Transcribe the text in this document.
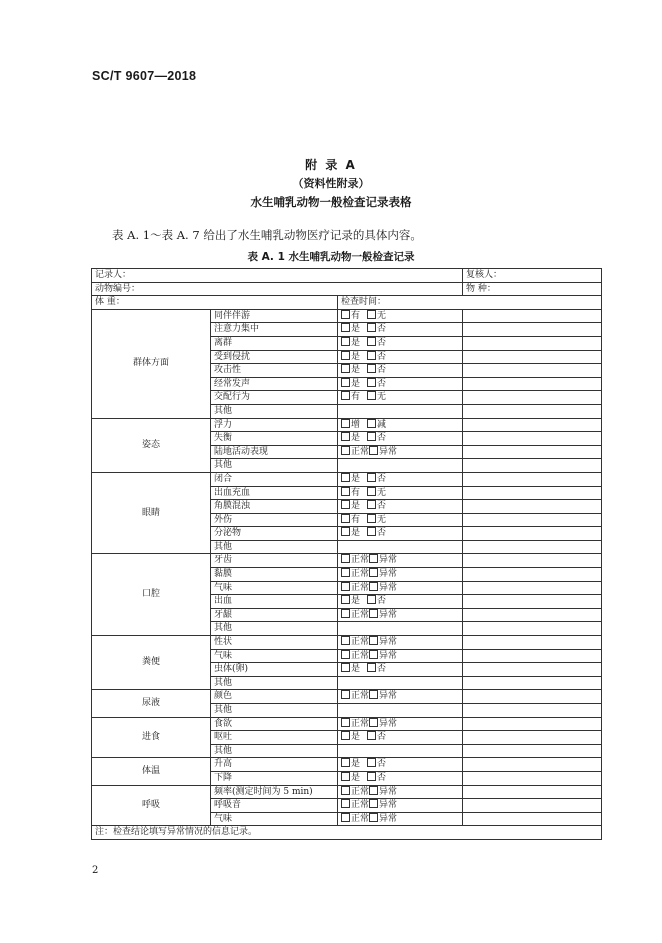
SC/T 9607—2018
附 录 A
（资料性附录）
水生哺乳动物一般检查记录表格
表 A. 1～表 A. 7 给出了水生哺乳动物医疗记录的具体内容。
表 A. 1 水生哺乳动物一般检查记录
记录人：			复核人：
动物编号：			物 种：
体 重：		检查时间：	
群体方面	同伴伴游	有 无	
	注意力集中	是 否	
	离群	是 否	
	受到侵扰	是 否	
	攻击性	是 否	
	经常发声	是 否	
	交配行为	有 无	
	其他		
姿态	浮力	增 减	
	失衡	是 否	
	陆地活动表现	正常 异常	
	其他		
眼睛	闭合	是 否	
	出血充血	有 无	
	角膜混浊	是 否	
	外伤	有 无	
	分泌物	是 否	
	其他		
口腔	牙齿	正常 异常	
	黏膜	正常 异常	
	气味	正常 异常	
	出血	是 否	
	牙龈	正常 异常	
	其他		
粪便	性状	正常 异常	
	气味	正常 异常	
	虫体(卵)	是 否	
	其他		
尿液	颜色	正常 异常	
	其他		
进食	食欲	正常 异常	
	呕吐	是 否	
	其他		
体温	升高	是 否	
	下降	是 否	
呼吸	频率(测定时间为 5 min)	正常 异常	
	呼吸音	正常 异常	
	气味	正常 异常	
注：检查结论填写异常情况的信息记录。			
2
